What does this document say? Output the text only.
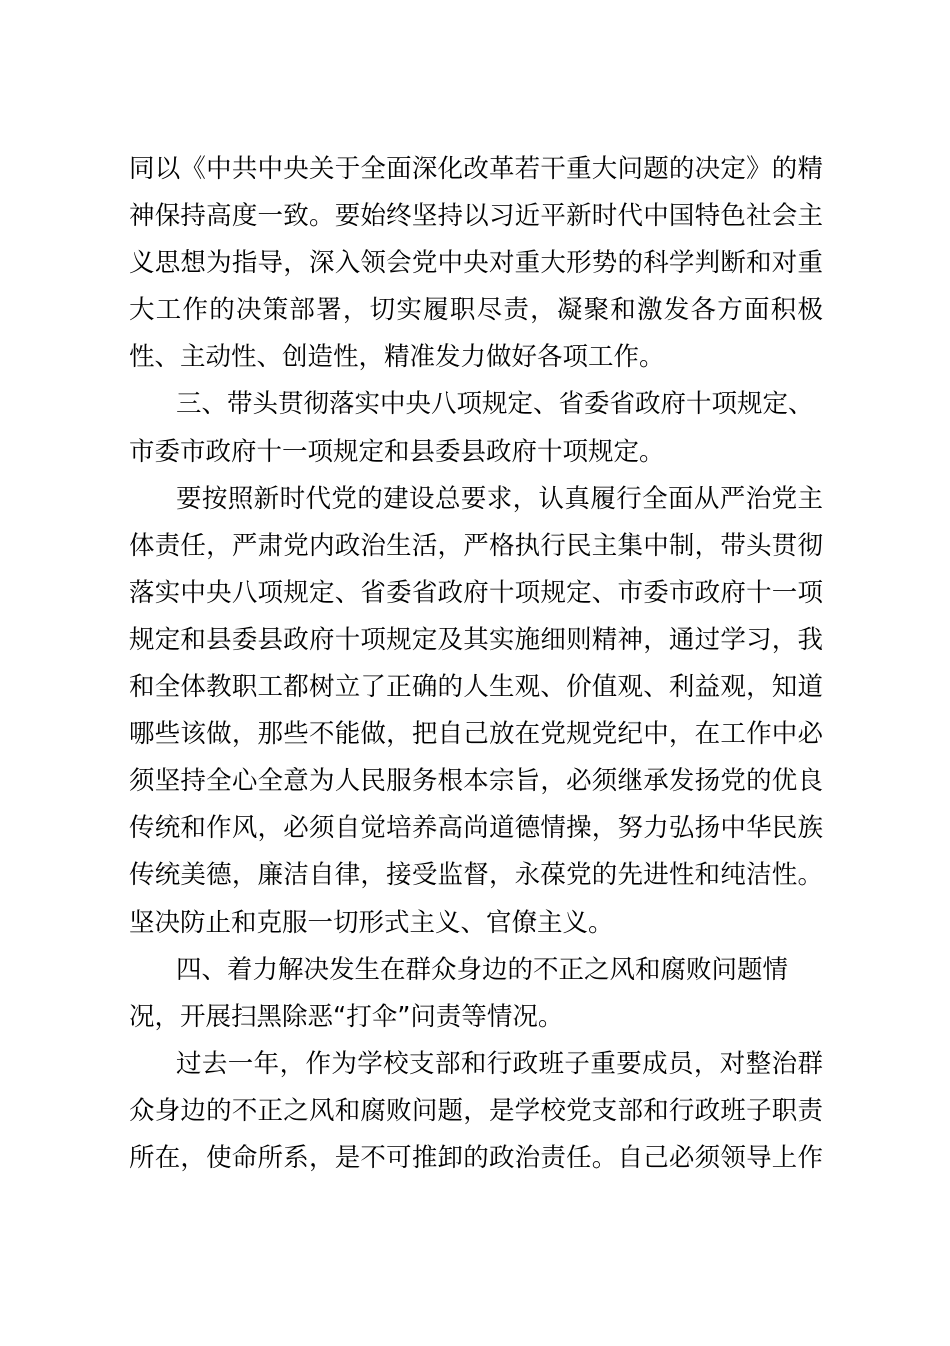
同以《中共中央关于全面深化改革若干重大问题的决定》的精
神保持高度一致。要始终坚持以习近平新时代中国特色社会主
义思想为指导，深入领会党中央对重大形势的科学判断和对重
大工作的决策部署，切实履职尽责，凝聚和激发各方面积极
性、主动性、创造性，精准发力做好各项工作。
三、带头贯彻落实中央八项规定、省委省政府十项规定、
市委市政府十一项规定和县委县政府十项规定。
要按照新时代党的建设总要求，认真履行全面从严治党主
体责任，严肃党内政治生活，严格执行民主集中制，带头贯彻
落实中央八项规定、省委省政府十项规定、市委市政府十一项
规定和县委县政府十项规定及其实施细则精神，通过学习，我
和全体教职工都树立了正确的人生观、价值观、利益观，知道
哪些该做，那些不能做，把自己放在党规党纪中，在工作中必
须坚持全心全意为人民服务根本宗旨，必须继承发扬党的优良
传统和作风，必须自觉培养高尚道德情操，努力弘扬中华民族
传统美德，廉洁自律，接受监督，永葆党的先进性和纯洁性。
坚决防止和克服一切形式主义、官僚主义。
四、着力解决发生在群众身边的不正之风和腐败问题情
况，开展扫黑除恶“打伞”问责等情况。
过去一年，作为学校支部和行政班子重要成员，对整治群
众身边的不正之风和腐败问题，是学校党支部和行政班子职责
所在，使命所系，是不可推卸的政治责任。自己必须领导上作
